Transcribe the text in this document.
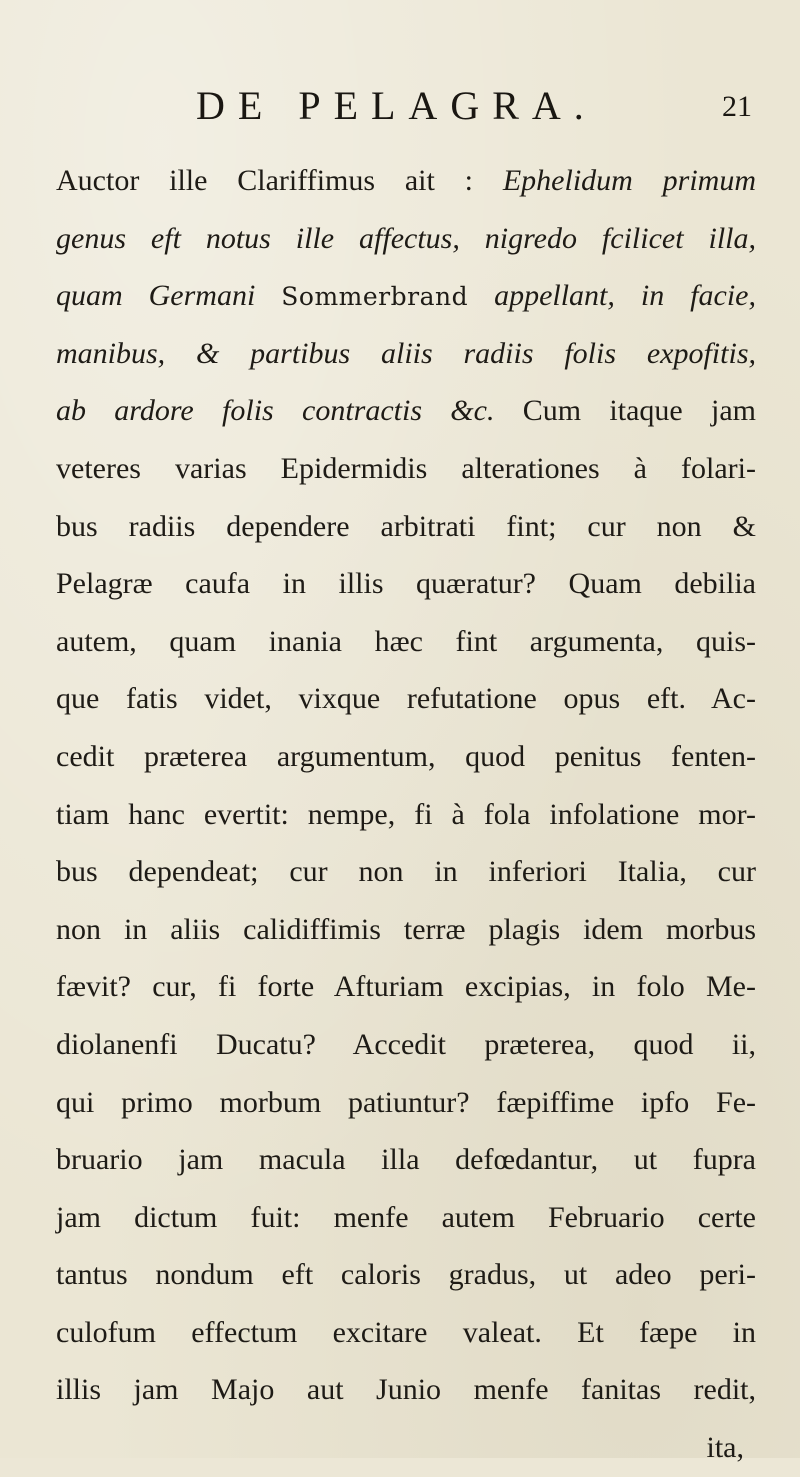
DE PELAGRA.	21
Auctor ille Clariffimus ait : Ephelidum primum
genus eft notus ille affectus, nigredo fcilicet illa,
quam Germani Sommerbrand appellant, in facie,
manibus, & partibus aliis radiis folis expofitis,
ab ardore folis contractis &c. Cum itaque jam
veteres varias Epidermidis alterationes à folari-
bus radiis dependere arbitrati fint; cur non &
Pelagræ caufa in illis quæratur? Quam debilia
autem, quam inania hæc fint argumenta, quis-
que fatis videt, vixque refutatione opus eft. Ac-
cedit præterea argumentum, quod penitus fenten-
tiam hanc evertit: nempe, fi à fola infolatione mor-
bus dependeat; cur non in inferiori Italia, cur
non in aliis calidiffimis terræ plagis idem morbus
fævit? cur, fi forte Afturiam excipias, in folo Me-
diolanenfi Ducatu? Accedit præterea, quod ii,
qui primo morbum patiuntur? fæpiffime ipfo Fe-
bruario jam macula illa defœdantur, ut fupra
jam dictum fuit: menfe autem Februario certe
tantus nondum eft caloris gradus, ut adeo peri-
culofum effectum excitare valeat. Et fæpe in
illis jam Majo aut Junio menfe fanitas redit,
ita,
